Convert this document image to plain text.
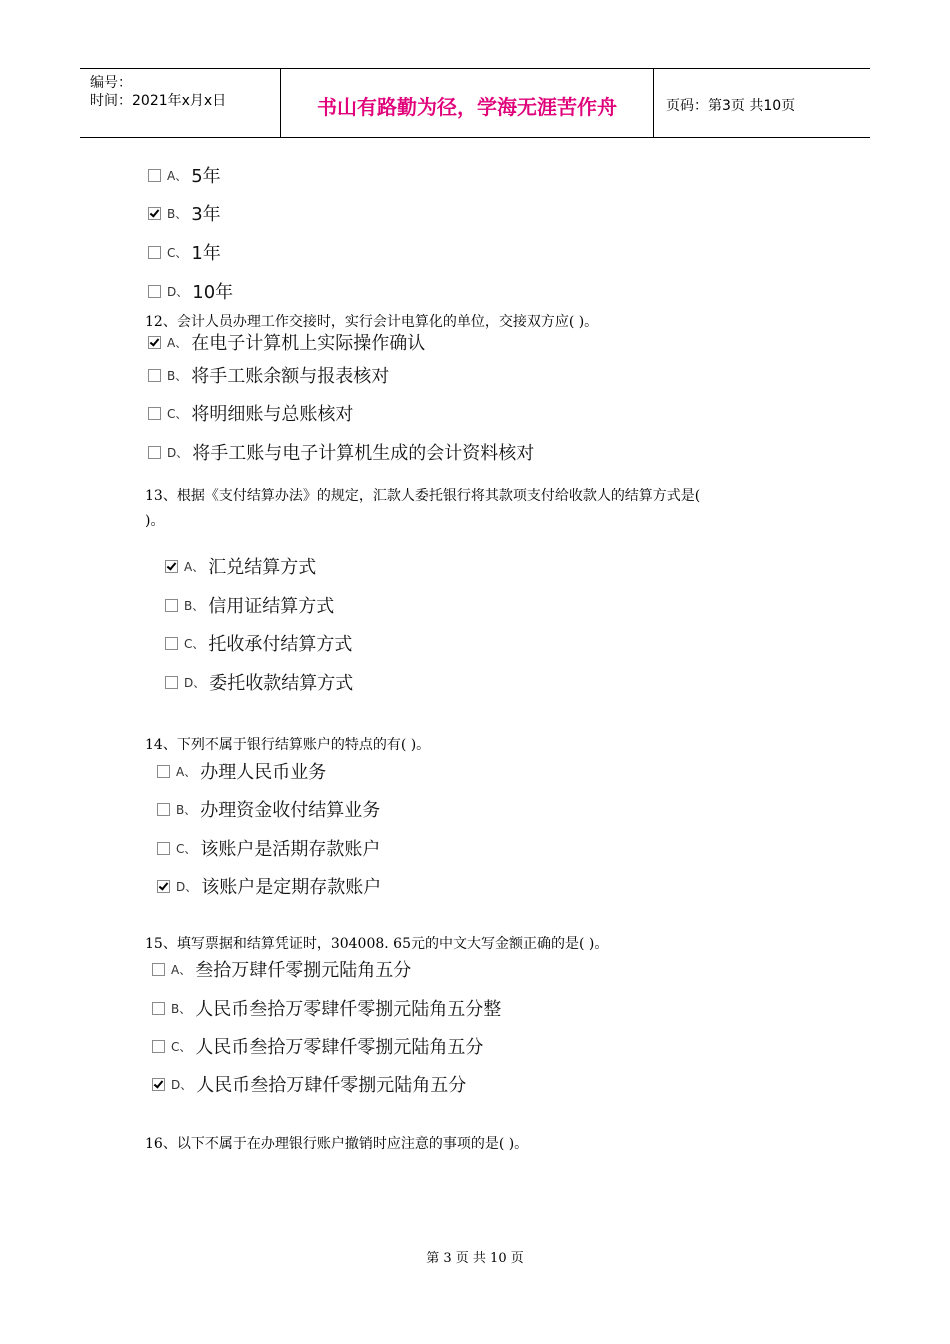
编号：
时间：2021年x月x日	书山有路勤为径，学海无涯苦作舟	页码：第3页 共10页
A、 5年
B、 3年
C、 1年
D、 10年
12、会计人员办理工作交接时，实行会计电算化的单位，交接双方应( )。
A、 在电子计算机上实际操作确认
B、 将手工账余额与报表核对
C、 将明细账与总账核对
D、 将手工账与电子计算机生成的会计资料核对
13、根据《支付结算办法》的规定，汇款人委托银行将其款项支付给收款人的结算方式是(
)。
A、 汇兑结算方式
B、 信用证结算方式
C、 托收承付结算方式
D、 委托收款结算方式
14、下列不属于银行结算账户的特点的有( )。
A、 办理人民币业务
B、 办理资金收付结算业务
C、 该账户是活期存款账户
D、 该账户是定期存款账户
15、填写票据和结算凭证时，304008. 65元的中文大写金额正确的是( )。
A、 叁拾万肆仟零捌元陆角五分
B、 人民币叁拾万零肆仟零捌元陆角五分整
C、 人民币叁拾万零肆仟零捌元陆角五分
D、 人民币叁拾万肆仟零捌元陆角五分
16、以下不属于在办理银行账户撤销时应注意的事项的是( )。
第 3 页 共 10 页
